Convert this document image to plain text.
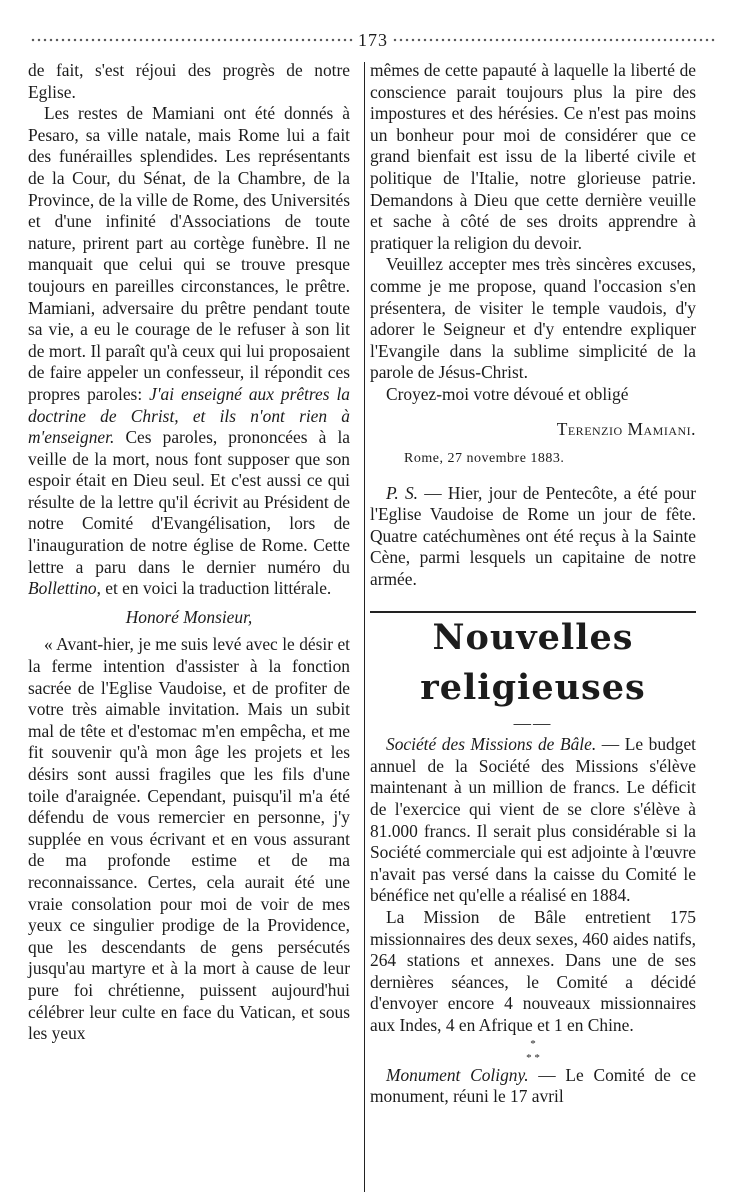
173

de fait, s'est réjoui des progrès de notre Eglise.

Les restes de Mamiani ont été donnés à Pesaro, sa ville natale, mais Rome lui a fait des funérailles splendides. Les représentants de la Cour, du Sénat, de la Chambre, de la Province, de la ville de Rome, des Universités et d'une infinité d'Associations de toute nature, prirent part au cortège funèbre. Il ne manquait que celui qui se trouve presque toujours en pareilles circonstances, le prêtre. Mamiani, adversaire du prêtre pendant toute sa vie, a eu le courage de le refuser à son lit de mort. Il paraît qu'à ceux qui lui proposaient de faire appeler un confesseur, il répondit ces propres paroles: J'ai enseigné aux prêtres la doctrine de Christ, et ils n'ont rien à m'enseigner. Ces paroles, prononcées à la veille de la mort, nous font supposer que son espoir était en Dieu seul. Et c'est aussi ce qui résulte de la lettre qu'il écrivit au Président de notre Comité d'Evangélisation, lors de l'inauguration de notre église de Rome. Cette lettre a paru dans le dernier numéro du Bollettino, et en voici la traduction littérale.

Honoré Monsieur,

« Avant-hier, je me suis levé avec le désir et la ferme intention d'assister à la fonction sacrée de l'Eglise Vaudoise, et de profiter de votre très aimable invitation. Mais un subit mal de tête et d'estomac m'en empêcha, et me fit souvenir qu'à mon âge les projets et les désirs sont aussi fragiles que les fils d'une toile d'araignée. Cependant, puisqu'il m'a été défendu de vous remercier en personne, j'y supplée en vous écrivant et en vous assurant de ma profonde estime et de ma reconnaissance. Certes, cela aurait été une vraie consolation pour moi de voir de mes yeux ce singulier prodige de la Providence, que les descendants de gens persécutés jusqu'au martyre et à la mort à cause de leur pure foi chrétienne, puissent aujourd'hui célébrer leur culte en face du Vatican, et sous les yeux

mêmes de cette papauté à laquelle la liberté de conscience parait toujours plus la pire des impostures et des hérésies. Ce n'est pas moins un bonheur pour moi de considérer que ce grand bienfait est issu de la liberté civile et politique de l'Italie, notre glorieuse patrie. Demandons à Dieu que cette dernière veuille et sache à côté de ses droits apprendre à pratiquer la religion du devoir.

Veuillez accepter mes très sincères excuses, comme je me propose, quand l'occasion s'en présentera, de visiter le temple vaudois, d'y adorer le Seigneur et d'y entendre expliquer l'Evangile dans la sublime simplicité de la parole de Jésus-Christ.

Croyez-moi votre dévoué et obligé

Terenzio Mamiani.

Rome, 27 novembre 1883.

P. S. — Hier, jour de Pentecôte, a été pour l'Eglise Vaudoise de Rome un jour de fête. Quatre catéchumènes ont été reçus à la Sainte Cène, parmi lesquels un capitaine de notre armée.

Nouvelles religieuses

——

Société des Missions de Bâle. — Le budget annuel de la Société des Missions s'élève maintenant à un million de francs. Le déficit de l'exercice qui vient de se clore s'élève à 81.000 francs. Il serait plus considérable si la Société commerciale qui est adjointe à l'œuvre n'avait pas versé dans la caisse du Comité le bénéfice net qu'elle a réalisé en 1884.

La Mission de Bâle entretient 175 missionnaires des deux sexes, 460 aides natifs, 264 stations et annexes. Dans une de ses dernières séances, le Comité a décidé d'envoyer encore 4 nouveaux missionnaires aux Indes, 4 en Afrique et 1 en Chine.

*
* *

Monument Coligny. — Le Comité de ce monument, réuni le 17 avril
